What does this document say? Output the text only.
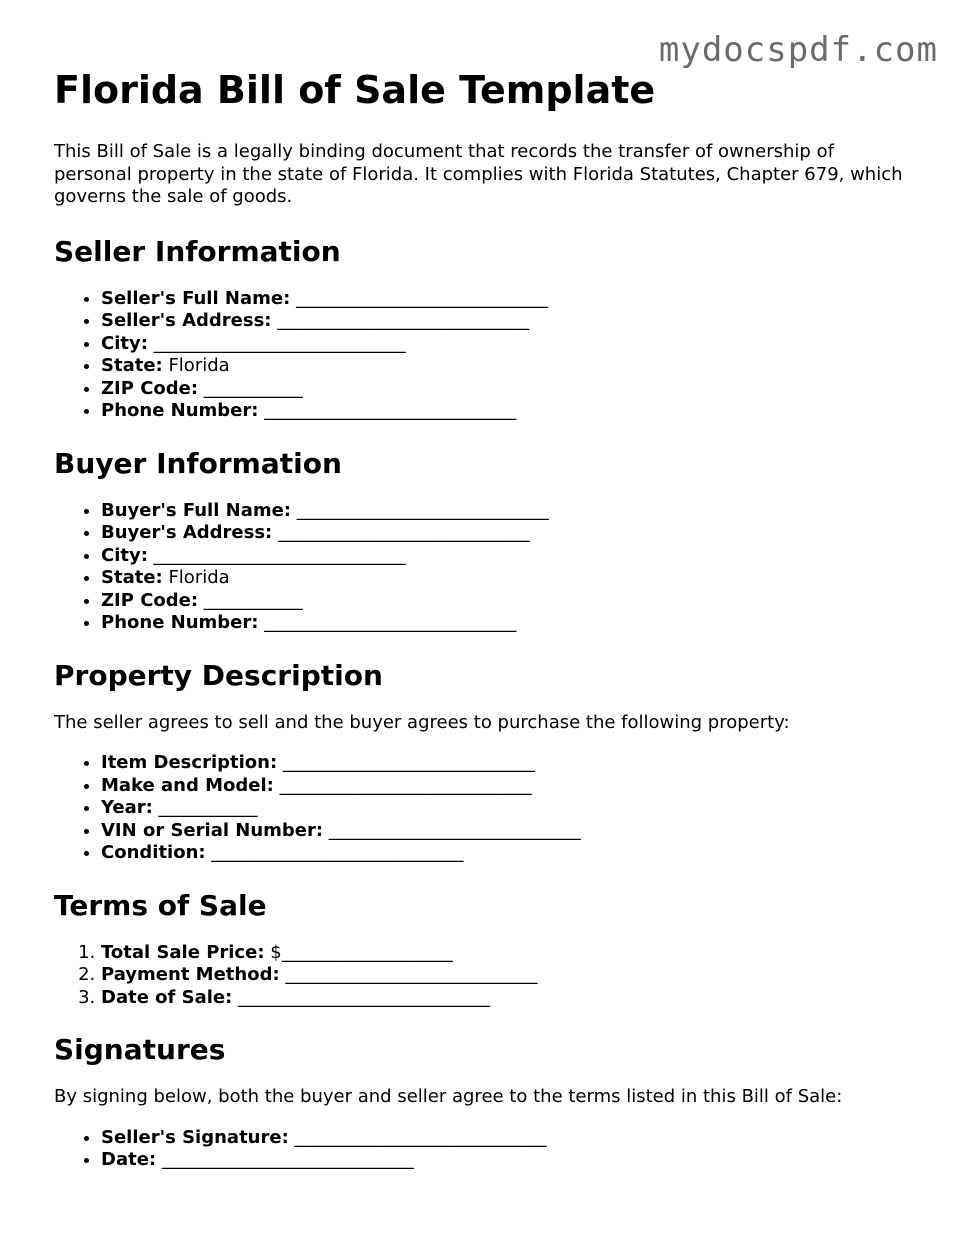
mydocspdf.com
Florida Bill of Sale Template

This Bill of Sale is a legally binding document that records the transfer of ownership of personal property in the state of Florida. It complies with Florida Statutes, Chapter 679, which governs the sale of goods.

Seller Information
• Seller's Full Name: ____________________________
• Seller's Address: ____________________________
• City: ____________________________
• State: Florida
• ZIP Code: ___________
• Phone Number: ____________________________
Buyer Information
• Buyer's Full Name: ____________________________
• Buyer's Address: ____________________________
• City: ____________________________
• State: Florida
• ZIP Code: ___________
• Phone Number: ____________________________
Property Description

The seller agrees to sell and the buyer agrees to purchase the following property:

• Item Description: ____________________________
• Make and Model: ____________________________
• Year: ___________
• VIN or Serial Number: ____________________________
• Condition: ____________________________
Terms of Sale
1. Total Sale Price: $___________________
2. Payment Method: ____________________________
3. Date of Sale: ____________________________
Signatures

By signing below, both the buyer and seller agree to the terms listed in this Bill of Sale:

• Seller's Signature: ____________________________
• Date: ____________________________
